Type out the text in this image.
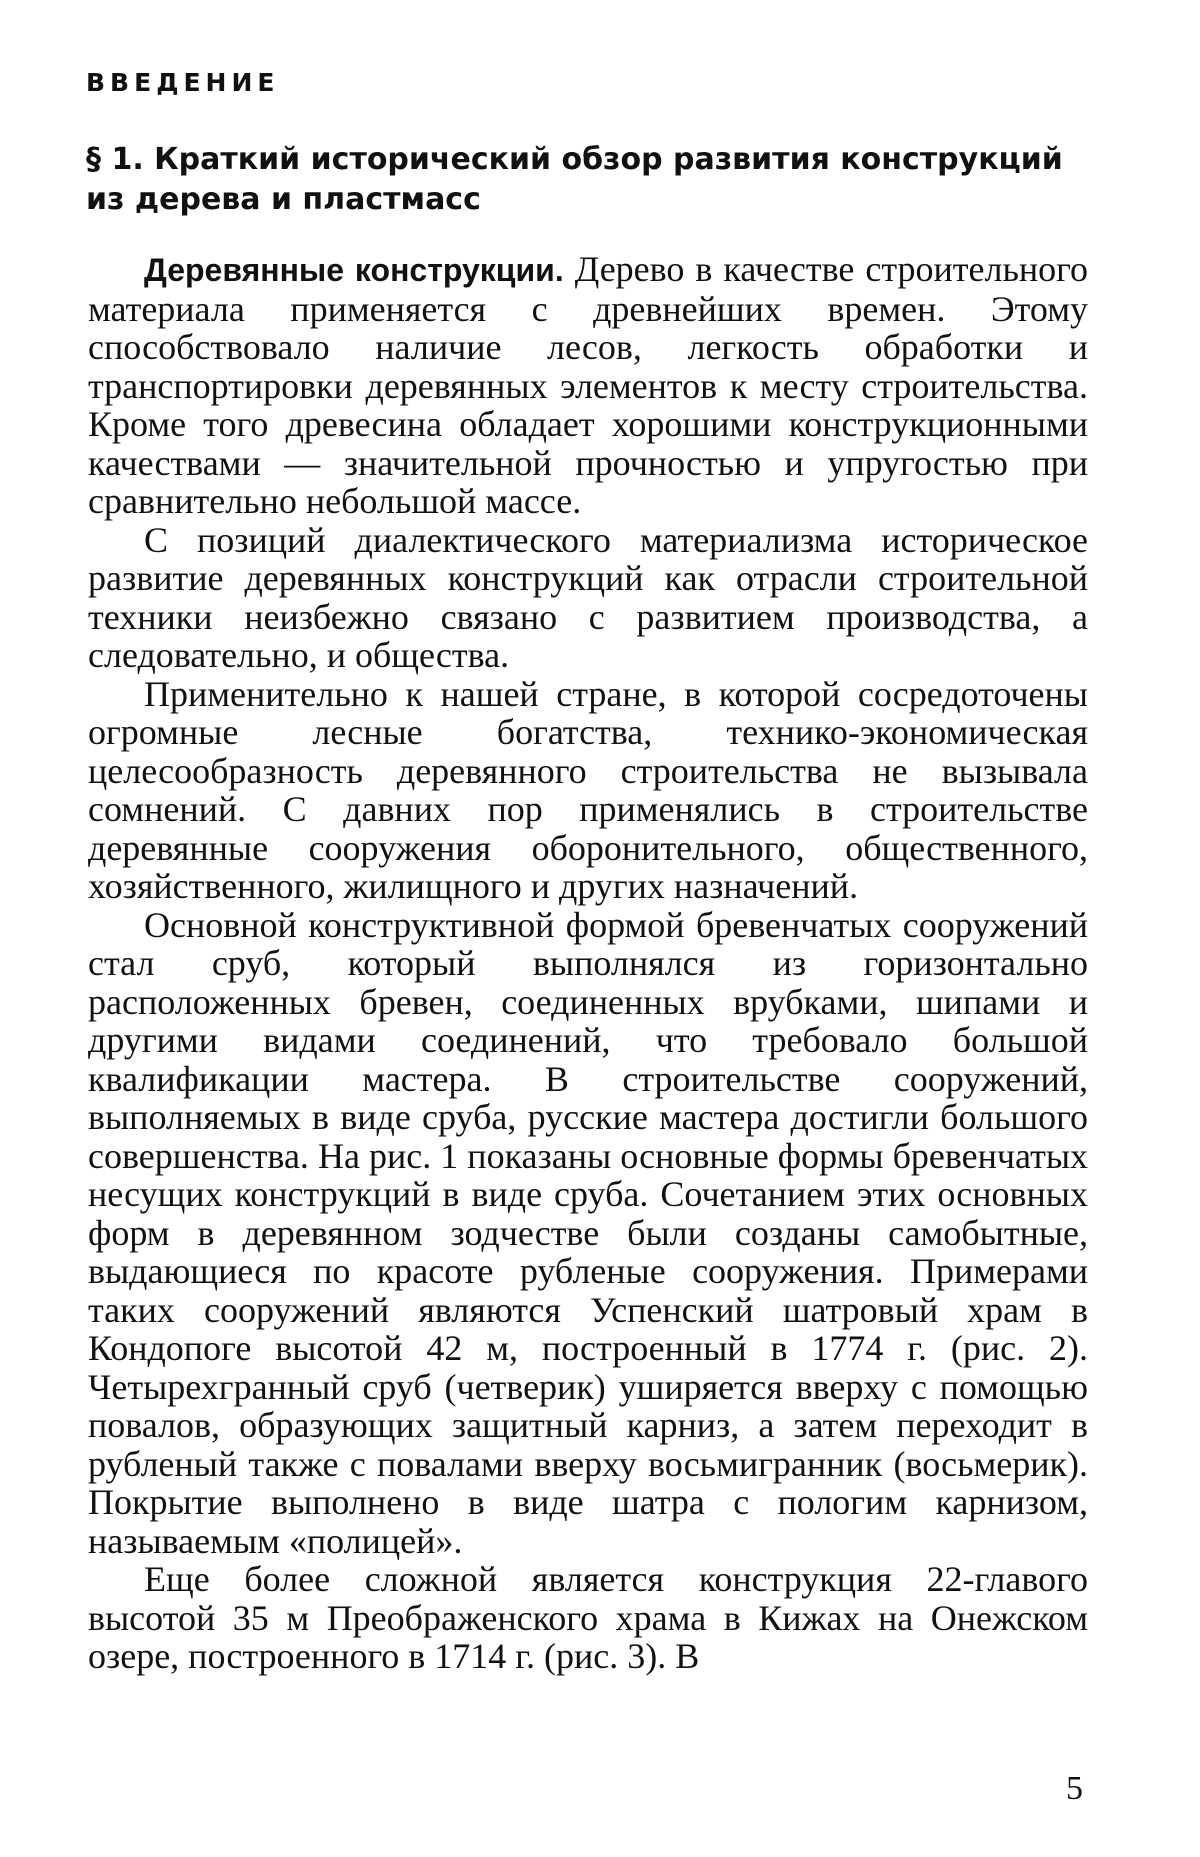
ВВЕДЕНИЕ
§ 1. Краткий исторический обзор развития конструкций из дерева и пластмасс

Деревянные конструкции. Дерево в качестве строительного материала применяется с древнейших времен. Этому способствовало наличие лесов, легкость обработки и транспортировки деревянных элементов к месту строительства. Кроме того древесина обладает хорошими конструкционными качествами — значительной прочностью и упругостью при сравнительно небольшой массе.

С позиций диалектического материализма историческое развитие деревянных конструкций как отрасли строительной техники неизбежно связано с развитием производства, а следовательно, и общества.

Применительно к нашей стране, в которой сосредоточены огромные лесные богатства, технико-экономическая целесообразность деревянного строительства не вызывала сомнений. С давних пор применялись в строительстве деревянные сооружения оборонительного, общественного, хозяйственного, жилищного и других назначений.

Основной конструктивной формой бревенчатых сооружений стал сруб, который выполнялся из горизонтально расположенных бревен, соединенных врубками, шипами и другими видами соединений, что требовало большой квалификации мастера. В строительстве сооружений, выполняемых в виде сруба, русские мастера достигли большого совершенства. На рис. 1 показаны основные формы бревенчатых несущих конструкций в виде сруба. Сочетанием этих основных форм в деревянном зодчестве были созданы самобытные, выдающиеся по красоте рубленые сооружения. Примерами таких сооружений являются Успенский шатровый храм в Кондопоге высотой 42 м, построенный в 1774 г. (рис. 2). Четырехгранный сруб (четверик) уширяется вверху с помощью повалов, образующих защитный карниз, а затем переходит в рубленый также с повалами вверху восьмигранник (восьмерик). Покрытие выполнено в виде шатра с пологим карнизом, называемым «полицей».

Еще более сложной является конструкция 22-главого высотой 35 м Преображенского храма в Кижах на Онежском озере, построенного в 1714 г. (рис. 3). В

5
